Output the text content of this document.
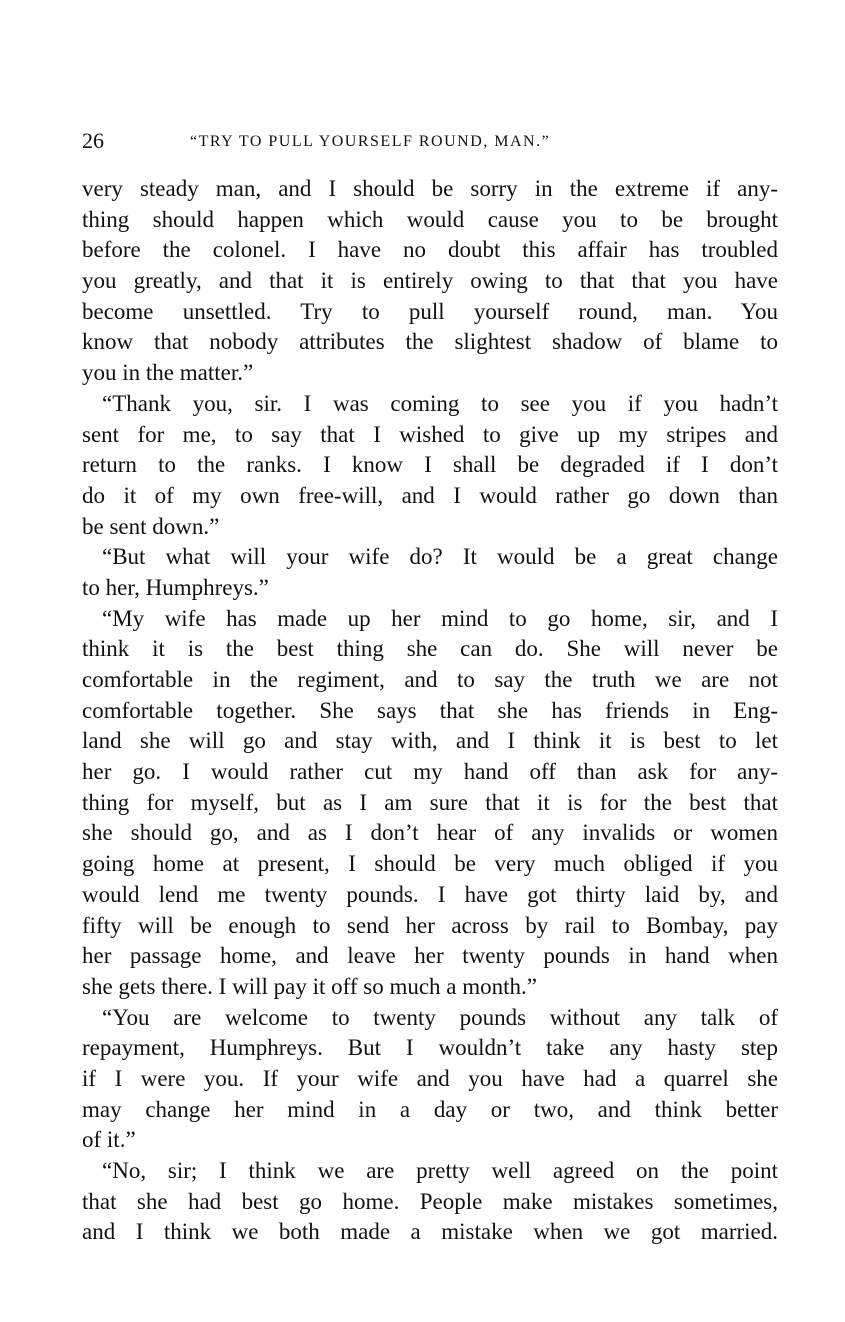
26	“TRY TO PULL YOURSELF ROUND, MAN.”
very steady man, and I should be sorry in the extreme if any-
thing should happen which would cause you to be brought
before the colonel. I have no doubt this affair has troubled
you greatly, and that it is entirely owing to that that you have
become unsettled. Try to pull yourself round, man. You
know that nobody attributes the slightest shadow of blame to
you in the matter.”
“Thank you, sir. I was coming to see you if you hadn’t
sent for me, to say that I wished to give up my stripes and
return to the ranks. I know I shall be degraded if I don’t
do it of my own free-will, and I would rather go down than
be sent down.”
“But what will your wife do? It would be a great change
to her, Humphreys.”
“My wife has made up her mind to go home, sir, and I
think it is the best thing she can do. She will never be
comfortable in the regiment, and to say the truth we are not
comfortable together. She says that she has friends in Eng-
land she will go and stay with, and I think it is best to let
her go. I would rather cut my hand off than ask for any-
thing for myself, but as I am sure that it is for the best that
she should go, and as I don’t hear of any invalids or women
going home at present, I should be very much obliged if you
would lend me twenty pounds. I have got thirty laid by, and
fifty will be enough to send her across by rail to Bombay, pay
her passage home, and leave her twenty pounds in hand when
she gets there. I will pay it off so much a month.”
“You are welcome to twenty pounds without any talk of
repayment, Humphreys. But I wouldn’t take any hasty step
if I were you. If your wife and you have had a quarrel she
may change her mind in a day or two, and think better
of it.”
“No, sir; I think we are pretty well agreed on the point
that she had best go home. People make mistakes sometimes,
and I think we both made a mistake when we got married.
